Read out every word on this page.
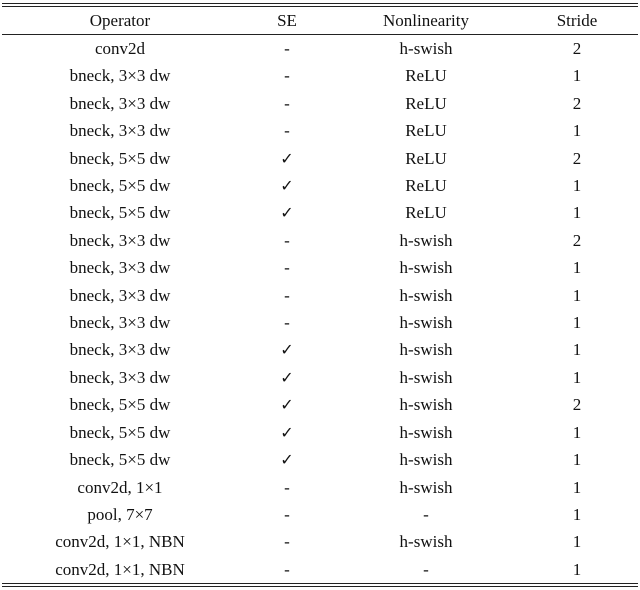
Operator	SE	Nonlinearity	Stride
conv2d	-	h-swish	2
bneck, 3×3 dw	-	ReLU	1
bneck, 3×3 dw	-	ReLU	2
bneck, 3×3 dw	-	ReLU	1
bneck, 5×5 dw	✓	ReLU	2
bneck, 5×5 dw	✓	ReLU	1
bneck, 5×5 dw	✓	ReLU	1
bneck, 3×3 dw	-	h-swish	2
bneck, 3×3 dw	-	h-swish	1
bneck, 3×3 dw	-	h-swish	1
bneck, 3×3 dw	-	h-swish	1
bneck, 3×3 dw	✓	h-swish	1
bneck, 3×3 dw	✓	h-swish	1
bneck, 5×5 dw	✓	h-swish	2
bneck, 5×5 dw	✓	h-swish	1
bneck, 5×5 dw	✓	h-swish	1
conv2d, 1×1	-	h-swish	1
pool, 7×7	-	-	1
conv2d, 1×1, NBN	-	h-swish	1
conv2d, 1×1, NBN	-	-	1
